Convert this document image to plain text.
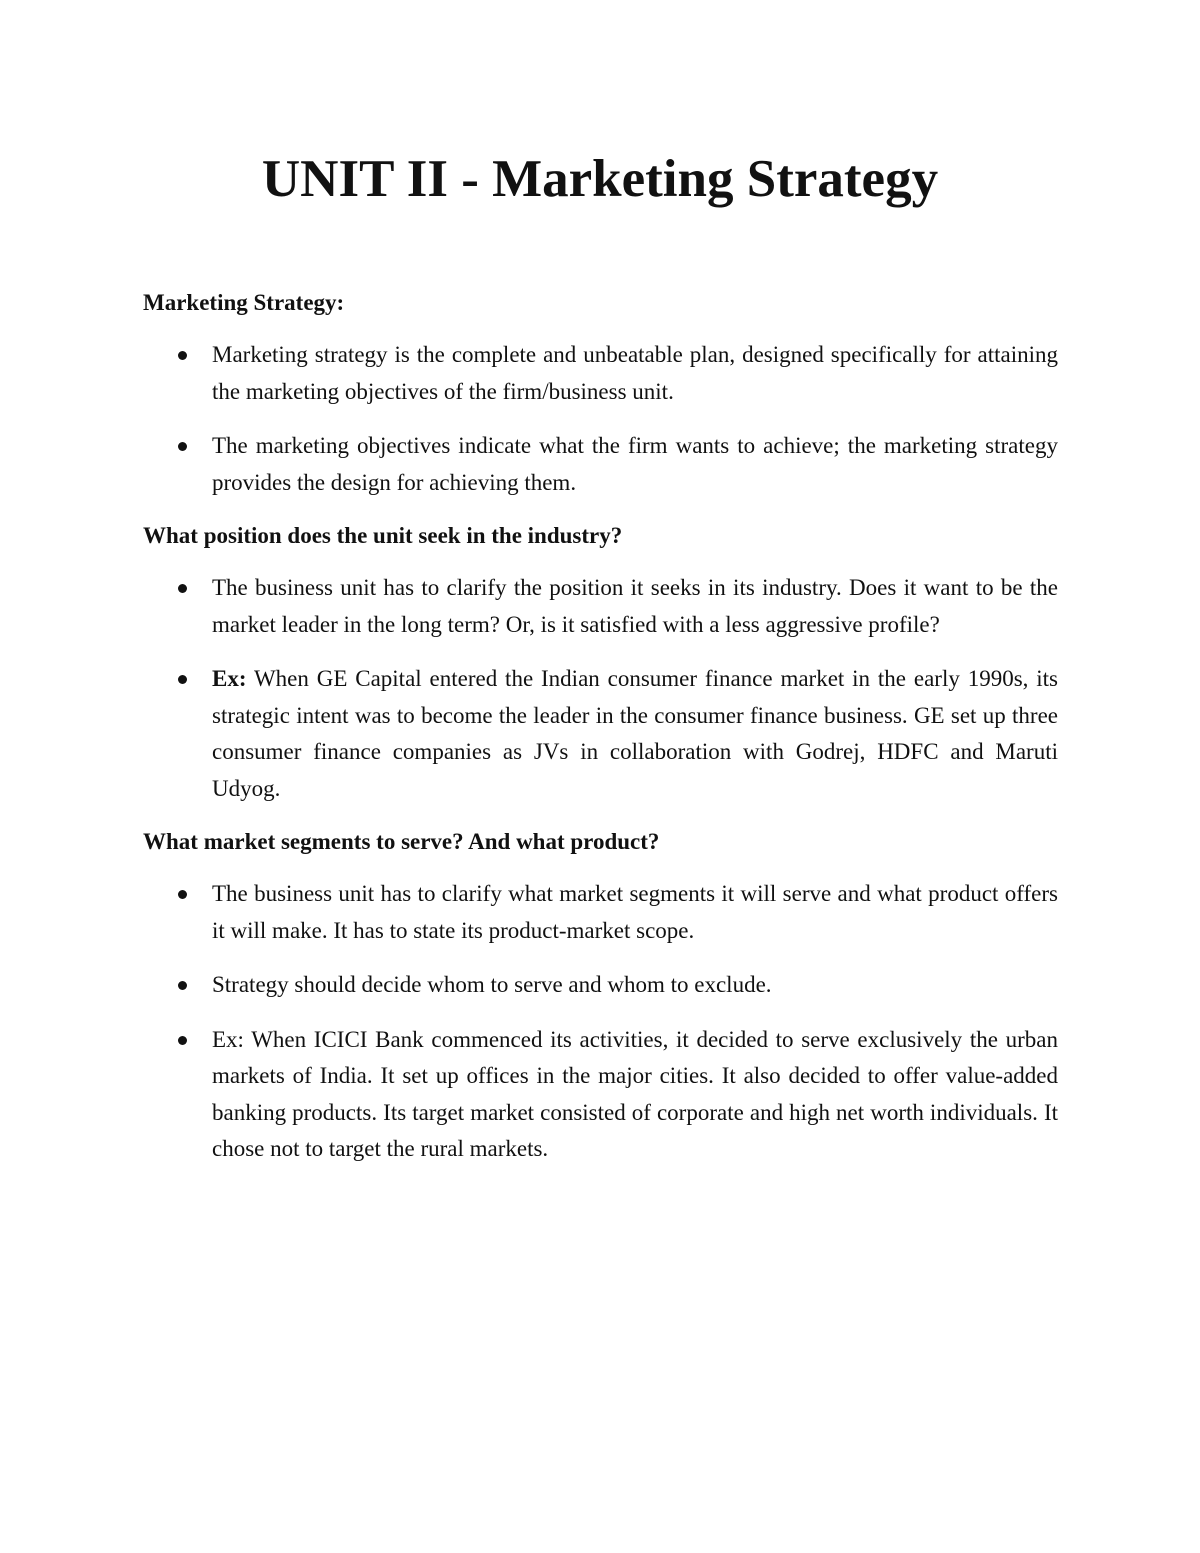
UNIT II - Marketing Strategy

Marketing Strategy:

Marketing strategy is the complete and unbeatable plan, designed specifically for attaining the marketing objectives of the firm/business unit.
The marketing objectives indicate what the firm wants to achieve; the marketing strategy provides the design for achieving them.

What position does the unit seek in the industry?

The business unit has to clarify the position it seeks in its industry. Does it want to be the market leader in the long term? Or, is it satisfied with a less aggressive profile?
Ex: When GE Capital entered the Indian consumer finance market in the early 1990s, its strategic intent was to become the leader in the consumer finance business. GE set up three consumer finance companies as JVs in collaboration with Godrej, HDFC and Maruti Udyog.

What market segments to serve? And what product?

The business unit has to clarify what market segments it will serve and what product offers it will make. It has to state its product-market scope.
Strategy should decide whom to serve and whom to exclude.
Ex: When ICICI Bank commenced its activities, it decided to serve exclusively the urban markets of India. It set up offices in the major cities. It also decided to offer value-added banking products. Its target market consisted of corporate and high net worth individuals. It chose not to target the rural markets.
